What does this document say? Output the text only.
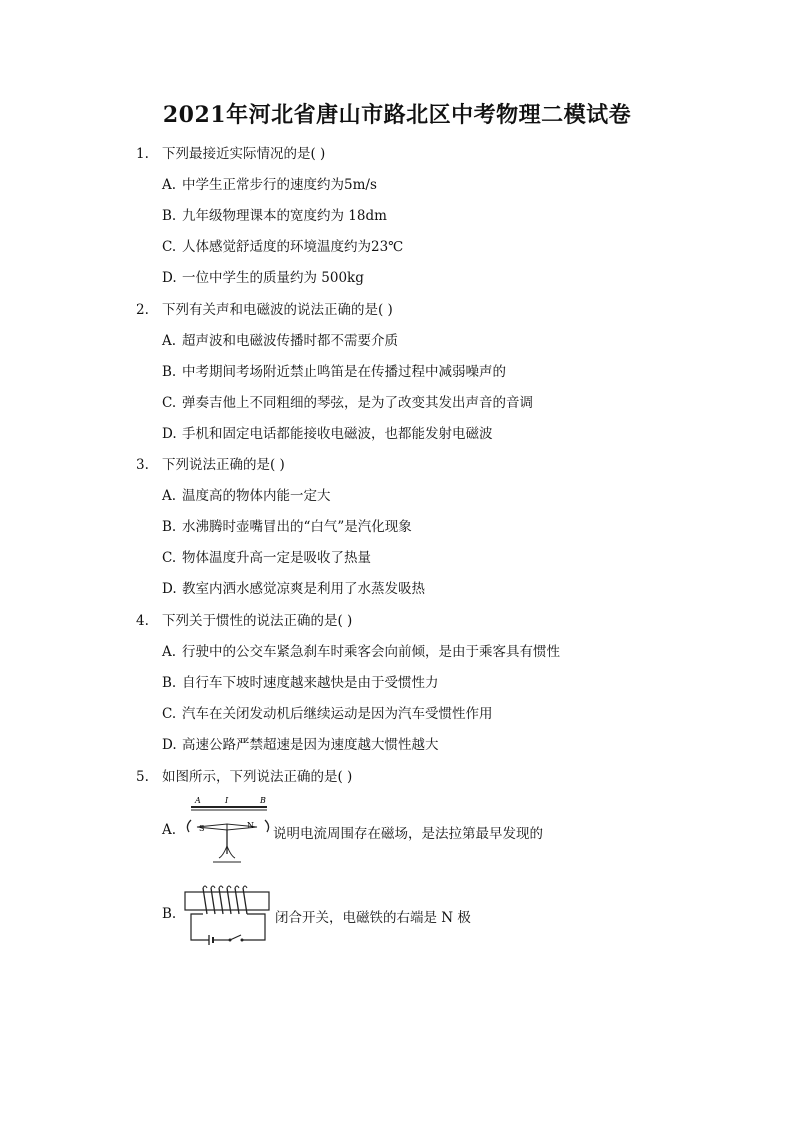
2021年河北省唐山市路北区中考物理二模试卷
1. 下列最接近实际情况的是( )
A. 中学生正常步行的速度约为5m/s
B. 九年级物理课本的宽度约为 18dm
C. 人体感觉舒适度的环境温度约为23℃
D. 一位中学生的质量约为 500kg
2. 下列有关声和电磁波的说法正确的是( )
A. 超声波和电磁波传播时都不需要介质
B. 中考期间考场附近禁止鸣笛是在传播过程中减弱噪声的
C. 弹奏吉他上不同粗细的琴弦，是为了改变其发出声音的音调
D. 手机和固定电话都能接收电磁波，也都能发射电磁波
3. 下列说法正确的是( )
A. 温度高的物体内能一定大
B. 水沸腾时壶嘴冒出的“白气”是汽化现象
C. 物体温度升高一定是吸收了热量
D. 教室内洒水感觉凉爽是利用了水蒸发吸热
4. 下列关于惯性的说法正确的是( )
A. 行驶中的公交车紧急刹车时乘客会向前倾，是由于乘客具有惯性
B. 自行车下坡时速度越来越快是由于受惯性力
C. 汽车在关闭发动机后继续运动是因为汽车受惯性作用
D. 高速公路严禁超速是因为速度越大惯性越大
5. 如图所示，下列说法正确的是( )
A.
A	I	B
S	N
说明电流周围存在磁场，是法拉第最早发现的
B.	闭合开关，电磁铁的右端是 N 极
